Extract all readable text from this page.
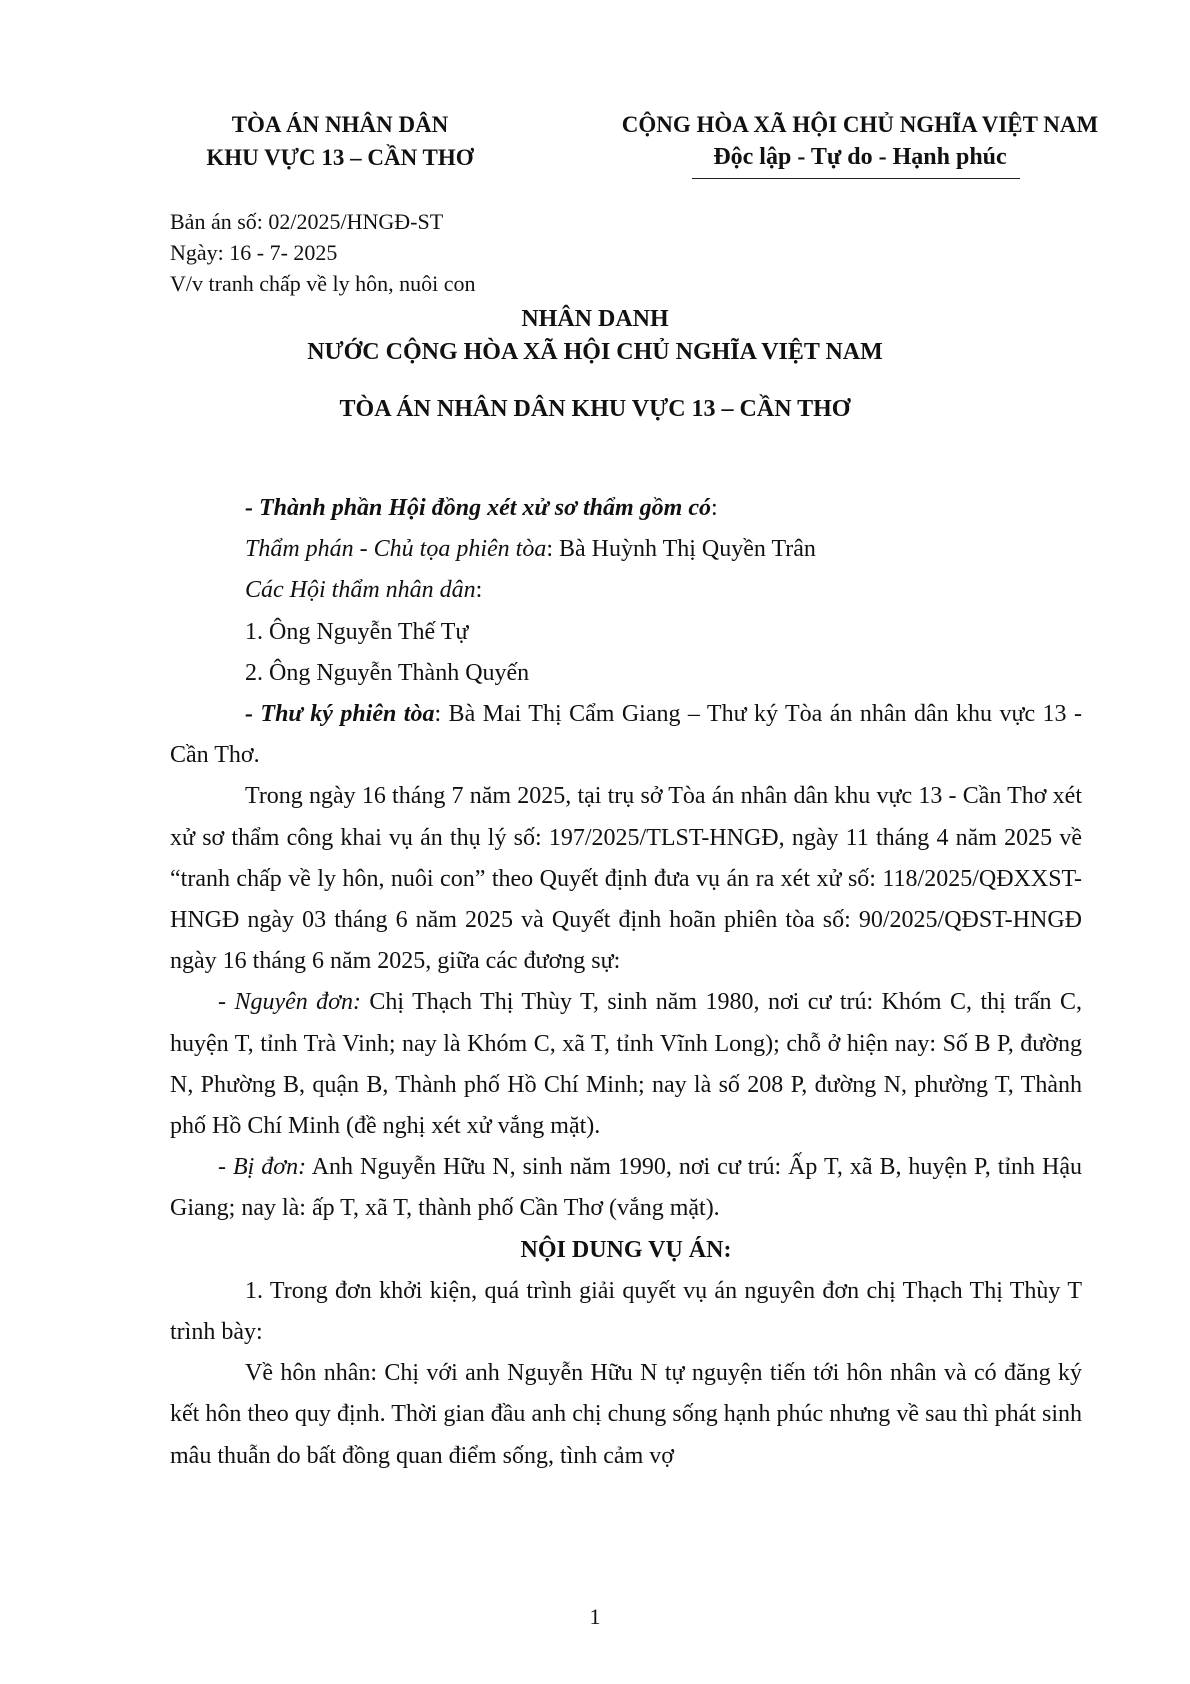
TÒA ÁN NHÂN DÂN
KHU VỰC 13 – CẦN THƠ
CỘNG HÒA XÃ HỘI CHỦ NGHĨA VIỆT NAM
Độc lập - Tự do - Hạnh phúc
Bản án số: 02/2025/HNGĐ-ST
Ngày: 16 - 7- 2025
V/v tranh chấp về ly hôn, nuôi con
NHÂN DANH
NƯỚC CỘNG HÒA XÃ HỘI CHỦ NGHĨA VIỆT NAM
TÒA ÁN NHÂN DÂN KHU VỰC 13 – CẦN THƠ

- Thành phần Hội đồng xét xử sơ thẩm gồm có:

Thẩm phán - Chủ tọa phiên tòa: Bà Huỳnh Thị Quyền Trân

Các Hội thẩm nhân dân:

1. Ông Nguyễn Thế Tự

2. Ông Nguyễn Thành Quyến

- Thư ký phiên tòa: Bà Mai Thị Cẩm Giang – Thư ký Tòa án nhân dân khu vực 13 - Cần Thơ.

Trong ngày 16 tháng 7 năm 2025, tại trụ sở Tòa án nhân dân khu vực 13 - Cần Thơ xét xử sơ thẩm công khai vụ án thụ lý số: 197/2025/TLST-HNGĐ, ngày 11 tháng 4 năm 2025 về “tranh chấp về ly hôn, nuôi con” theo Quyết định đưa vụ án ra xét xử số: 118/2025/QĐXXST-HNGĐ ngày 03 tháng 6 năm 2025 và Quyết định hoãn phiên tòa số: 90/2025/QĐST-HNGĐ ngày 16 tháng 6 năm 2025, giữa các đương sự:

- Nguyên đơn: Chị Thạch Thị Thùy T, sinh năm 1980, nơi cư trú: Khóm C, thị trấn C, huyện T, tỉnh Trà Vinh; nay là Khóm C, xã T, tỉnh Vĩnh Long); chỗ ở hiện nay: Số B P, đường N, Phường B, quận B, Thành phố Hồ Chí Minh; nay là số 208 P, đường N, phường T, Thành phố Hồ Chí Minh (đề nghị xét xử vắng mặt).

- Bị đơn: Anh Nguyễn Hữu N, sinh năm 1990, nơi cư trú: Ấp T, xã B, huyện P, tỉnh Hậu Giang; nay là: ấp T, xã T, thành phố Cần Thơ (vắng mặt).

NỘI DUNG VỤ ÁN:

1. Trong đơn khởi kiện, quá trình giải quyết vụ án nguyên đơn chị Thạch Thị Thùy T trình bày:

Về hôn nhân: Chị với anh Nguyễn Hữu N tự nguyện tiến tới hôn nhân và có đăng ký kết hôn theo quy định. Thời gian đầu anh chị chung sống hạnh phúc nhưng về sau thì phát sinh mâu thuẫn do bất đồng quan điểm sống, tình cảm vợ

1
